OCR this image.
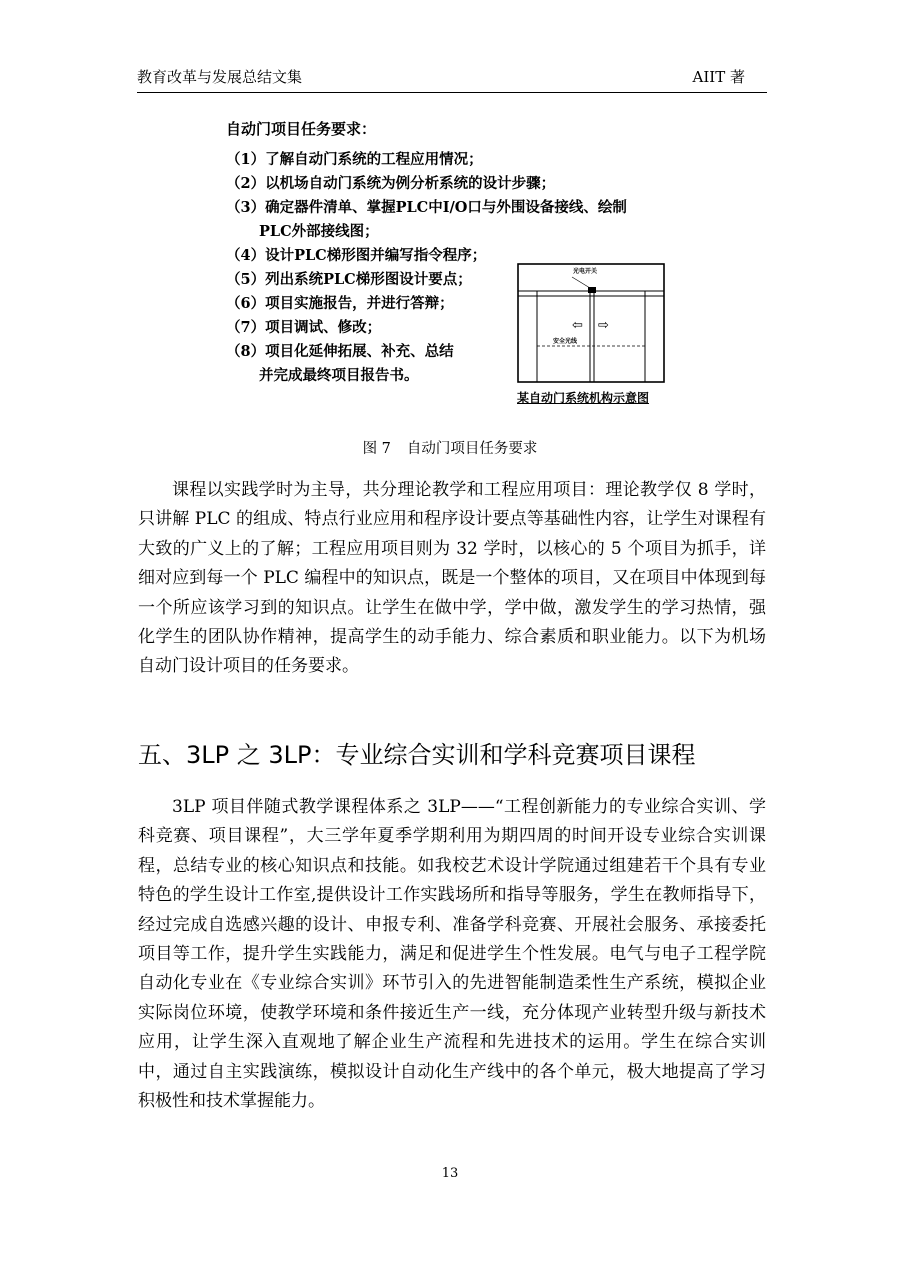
教育改革与发展总结文集	AIIT 著
自动门项目任务要求：
（1）了解自动门系统的工程应用情况；
（2）以机场自动门系统为例分析系统的设计步骤；
（3）确定器件清单、掌握PLC中I/O口与外围设备接线、绘制
PLC外部接线图；
（4）设计PLC梯形图并编写指令程序；
（5）列出系统PLC梯形图设计要点；
（6）项目实施报告，并进行答辩；
（7）项目调试、修改；
（8）项目化延伸拓展、补充、总结
并完成最终项目报告书。
光电开关
安全光线
⇦ ⇨
某自动门系统机构示意图
图 7 自动门项目任务要求
课程以实践学时为主导，共分理论教学和工程应用项目：理论教学仅 8 学时，只讲解 PLC 的组成、特点行业应用和程序设计要点等基础性内容，让学生对课程有大致的广义上的了解；工程应用项目则为 32 学时，以核心的 5 个项目为抓手，详细对应到每一个 PLC 编程中的知识点，既是一个整体的项目，又在项目中体现到每一个所应该学习到的知识点。让学生在做中学，学中做，激发学生的学习热情，强化学生的团队协作精神，提高学生的动手能力、综合素质和职业能力。以下为机场自动门设计项目的任务要求。
五、3LP 之 3LP：专业综合实训和学科竞赛项目课程
3LP 项目伴随式教学课程体系之 3LP——“工程创新能力的专业综合实训、学科竞赛、项目课程”，大三学年夏季学期利用为期四周的时间开设专业综合实训课程，总结专业的核心知识点和技能。如我校艺术设计学院通过组建若干个具有专业特色的学生设计工作室,提供设计工作实践场所和指导等服务，学生在教师指导下，经过完成自选感兴趣的设计、申报专利、准备学科竞赛、开展社会服务、承接委托项目等工作，提升学生实践能力，满足和促进学生个性发展。电气与电子工程学院自动化专业在《专业综合实训》环节引入的先进智能制造柔性生产系统，模拟企业实际岗位环境，使教学环境和条件接近生产一线，充分体现产业转型升级与新技术应用，让学生深入直观地了解企业生产流程和先进技术的运用。学生在综合实训中，通过自主实践演练，模拟设计自动化生产线中的各个单元，极大地提高了学习积极性和技术掌握能力。
13
